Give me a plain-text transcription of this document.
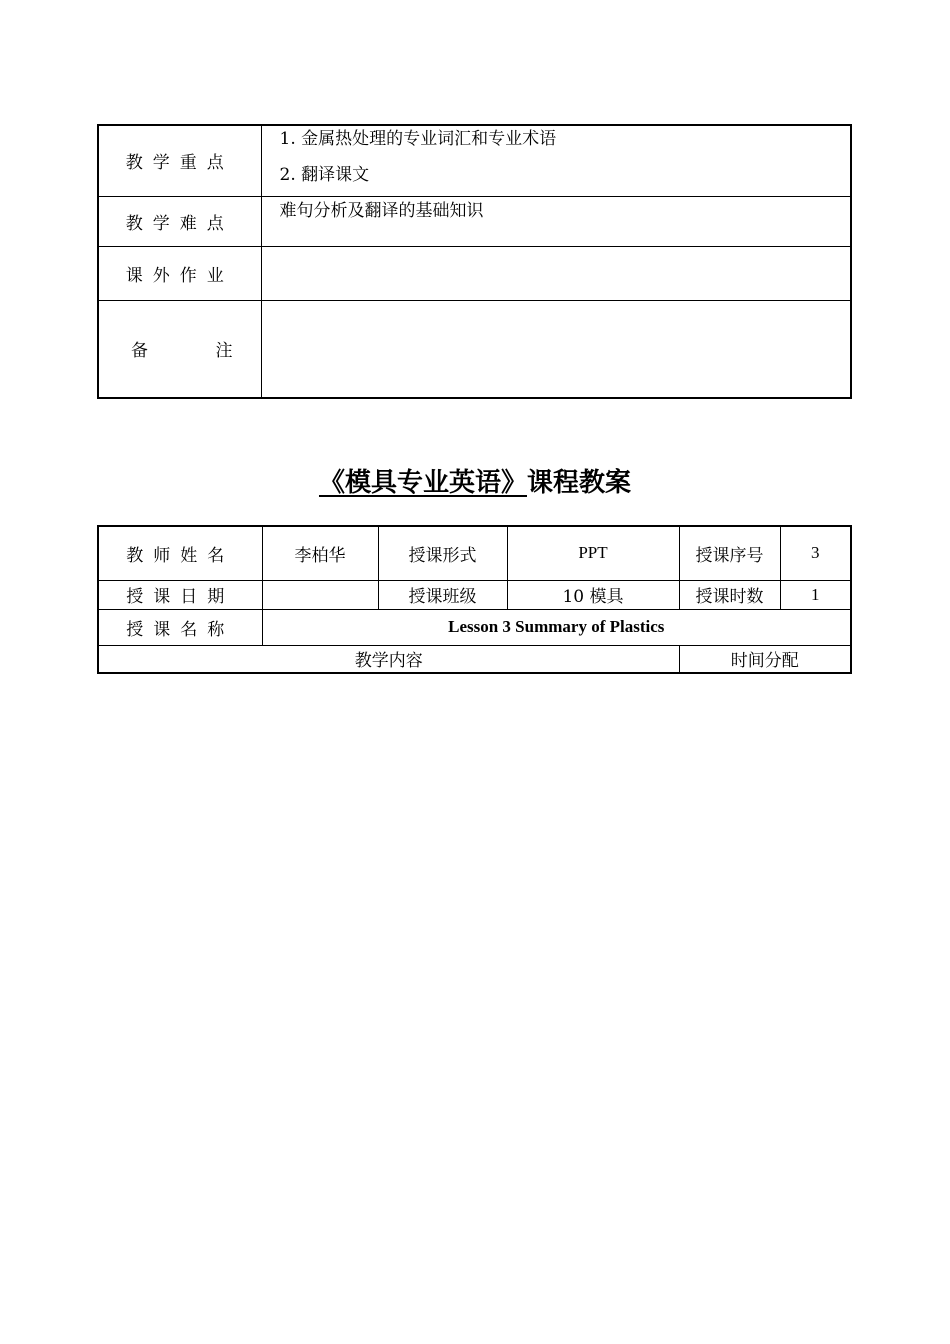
教学重点	1. 金属热处理的专业词汇和专业术语
2. 翻译课文

教学难点	难句分析及翻译的基础知识

课外作业	

备 注	

《模具专业英语》课程教案
教师姓名	李柏华	授课形式	PPT	授课序号	3
授课日期		授课班级	10 模具	授课时数	1
授课名称	Lesson 3 Summary of Plastics				
教学内容				时间分配	
